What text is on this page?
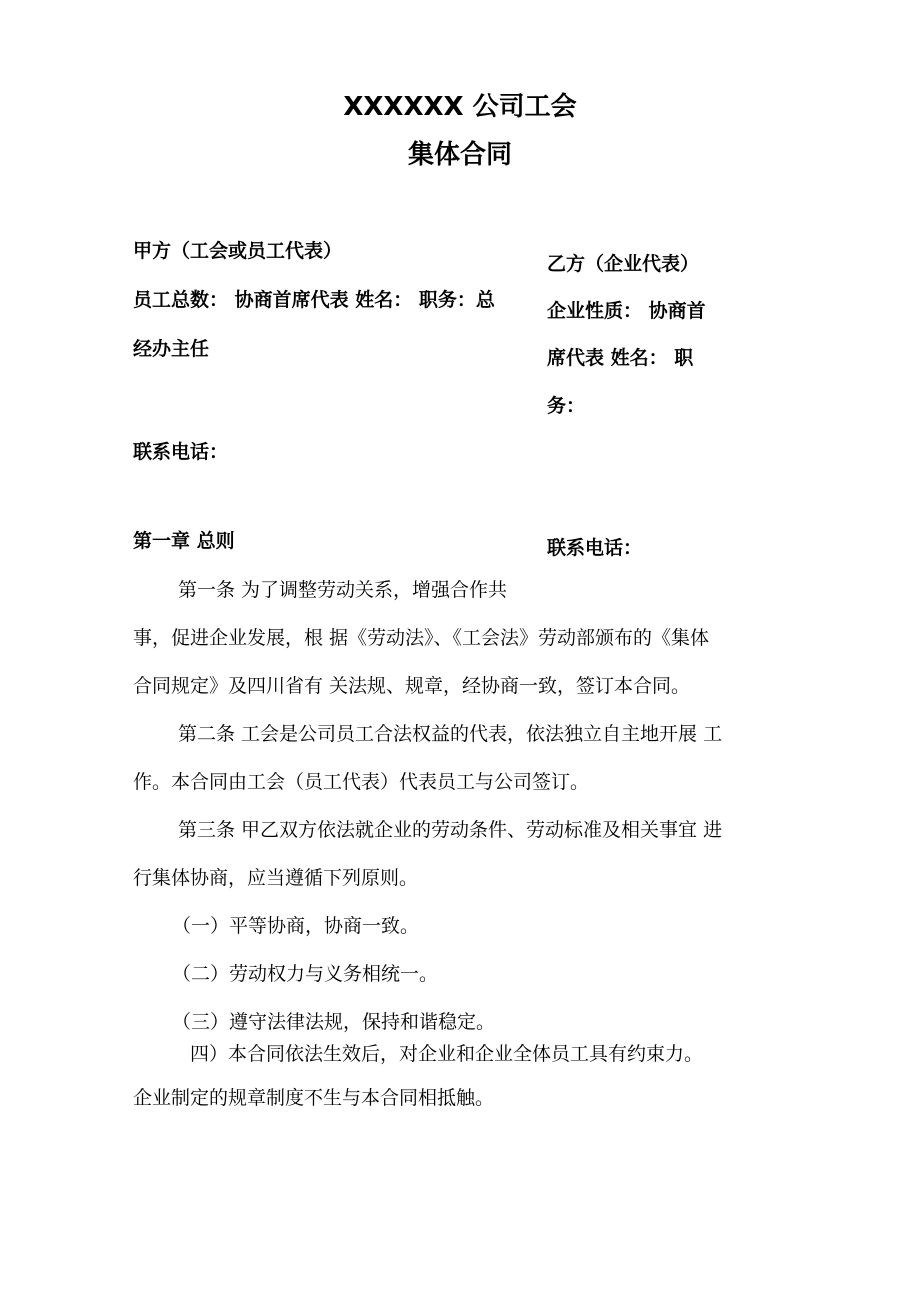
XXXXXX 公司工会
集体合同
甲方（工会或员工代表）
员工总数： 协商首席代表 姓名： 职务：总
经办主任
联系电话：
乙方（企业代表）
企业性质： 协商首
席代表 姓名： 职
务：
联系电话：
第一章 总则
第一条 为了调整劳动关系，增强合作共
事，促进企业发展，根 据《劳动法》、《工会法》劳动部颁布的《集体
合同规定》及四川省有 关法规、规章，经协商一致，签订本合同。
第二条 工会是公司员工合法权益的代表，依法独立自主地开展 工
作。本合同由工会（员工代表）代表员工与公司签订。
第三条 甲乙双方依法就企业的劳动条件、劳动标准及相关事宜 进
行集体协商，应当遵循下列原则。
（一）平等协商，协商一致。
（二）劳动权力与义务相统一。
（三）遵守法律法规，保持和谐稳定。
四）本合同依法生效后，对企业和企业全体员工具有约束力。
企业制定的规章制度不生与本合同相抵触。
